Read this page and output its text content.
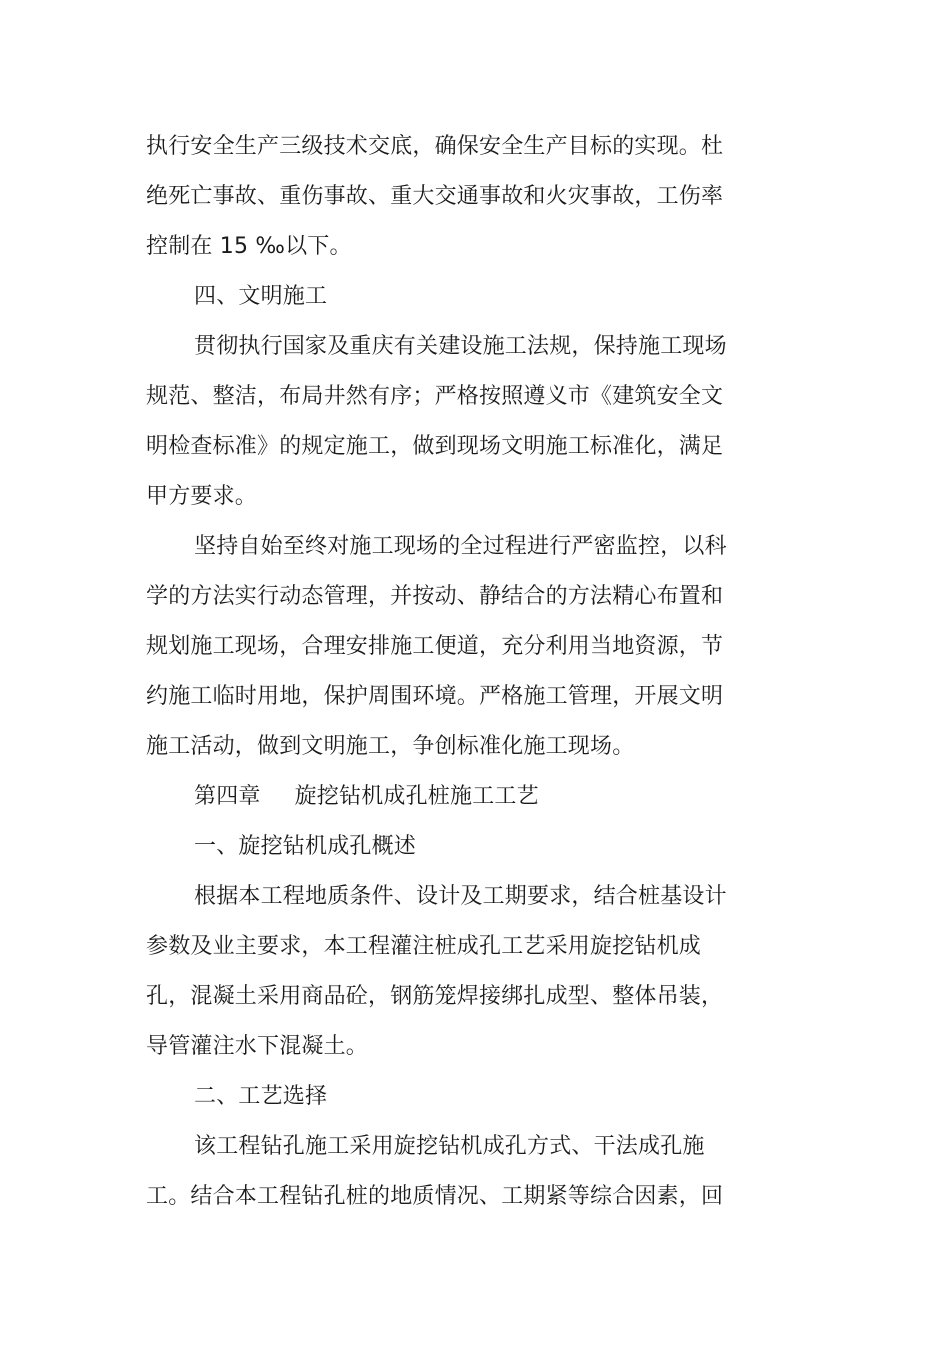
执行安全生产三级技术交底，确保安全生产目标的实现。杜
绝死亡事故、重伤事故、重大交通事故和火灾事故，工伤率
控制在 15 ‰以下。
四、文明施工
贯彻执行国家及重庆有关建设施工法规，保持施工现场
规范、整洁，布局井然有序；严格按照遵义市《建筑安全文
明检查标准》的规定施工，做到现场文明施工标准化，满足
甲方要求。
坚持自始至终对施工现场的全过程进行严密监控，以科
学的方法实行动态管理，并按动、静结合的方法精心布置和
规划施工现场，合理安排施工便道，充分利用当地资源，节
约施工临时用地，保护周围环境。严格施工管理，开展文明
施工活动，做到文明施工，争创标准化施工现场。
第四章 旋挖钻机成孔桩施工工艺
一、旋挖钻机成孔概述
根据本工程地质条件、设计及工期要求，结合桩基设计
参数及业主要求，本工程灌注桩成孔工艺采用旋挖钻机成
孔，混凝土采用商品砼，钢筋笼焊接绑扎成型、整体吊装，
导管灌注水下混凝土。
二、工艺选择
该工程钻孔施工采用旋挖钻机成孔方式、干法成孔施
工。结合本工程钻孔桩的地质情况、工期紧等综合因素，回
